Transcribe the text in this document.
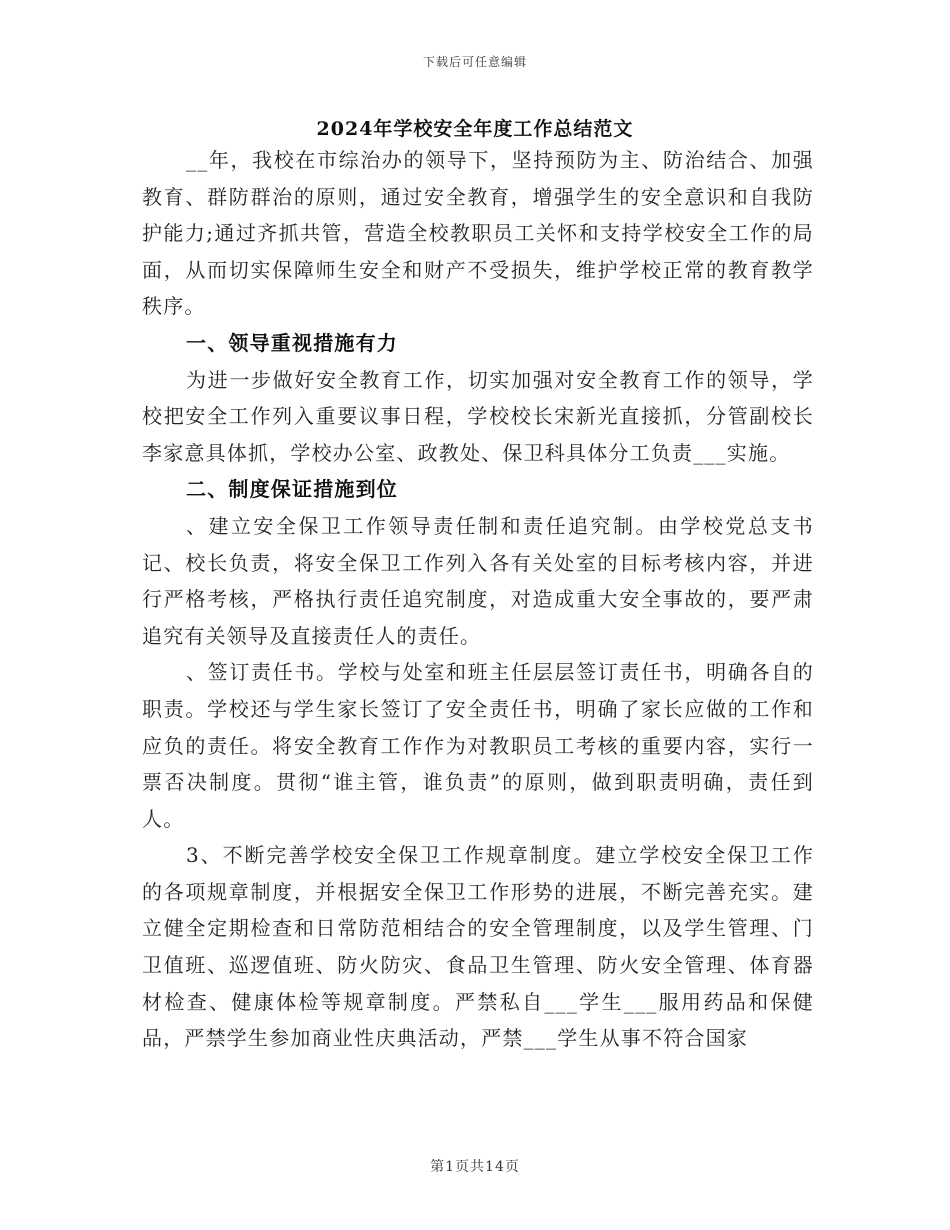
下载后可任意编辑
2024年学校安全年度工作总结范文

__年，我校在市综治办的领导下，坚持预防为主、防治结合、加强教育、群防群治的原则，通过安全教育，增强学生的安全意识和自我防护能力;通过齐抓共管，营造全校教职员工关怀和支持学校安全工作的局面，从而切实保障师生安全和财产不受损失，维护学校正常的教育教学秩序。

一、领导重视措施有力

为进一步做好安全教育工作，切实加强对安全教育工作的领导，学校把安全工作列入重要议事日程，学校校长宋新光直接抓，分管副校长李家意具体抓，学校办公室、政教处、保卫科具体分工负责___实施。

二、制度保证措施到位

、建立安全保卫工作领导责任制和责任追究制。由学校党总支书记、校长负责，将安全保卫工作列入各有关处室的目标考核内容，并进行严格考核，严格执行责任追究制度，对造成重大安全事故的，要严肃追究有关领导及直接责任人的责任。

、签订责任书。学校与处室和班主任层层签订责任书，明确各自的职责。学校还与学生家长签订了安全责任书，明确了家长应做的工作和应负的责任。将安全教育工作作为对教职员工考核的重要内容，实行一票否决制度。贯彻“谁主管，谁负责”的原则，做到职责明确，责任到人。

3、不断完善学校安全保卫工作规章制度。建立学校安全保卫工作的各项规章制度，并根据安全保卫工作形势的进展，不断完善充实。建立健全定期检查和日常防范相结合的安全管理制度，以及学生管理、门卫值班、巡逻值班、防火防灾、食品卫生管理、防火安全管理、体育器材检查、健康体检等规章制度。严禁私自___学生___服用药品和保健品，严禁学生参加商业性庆典活动，严禁___学生从事不符合国家

第1页共14页
